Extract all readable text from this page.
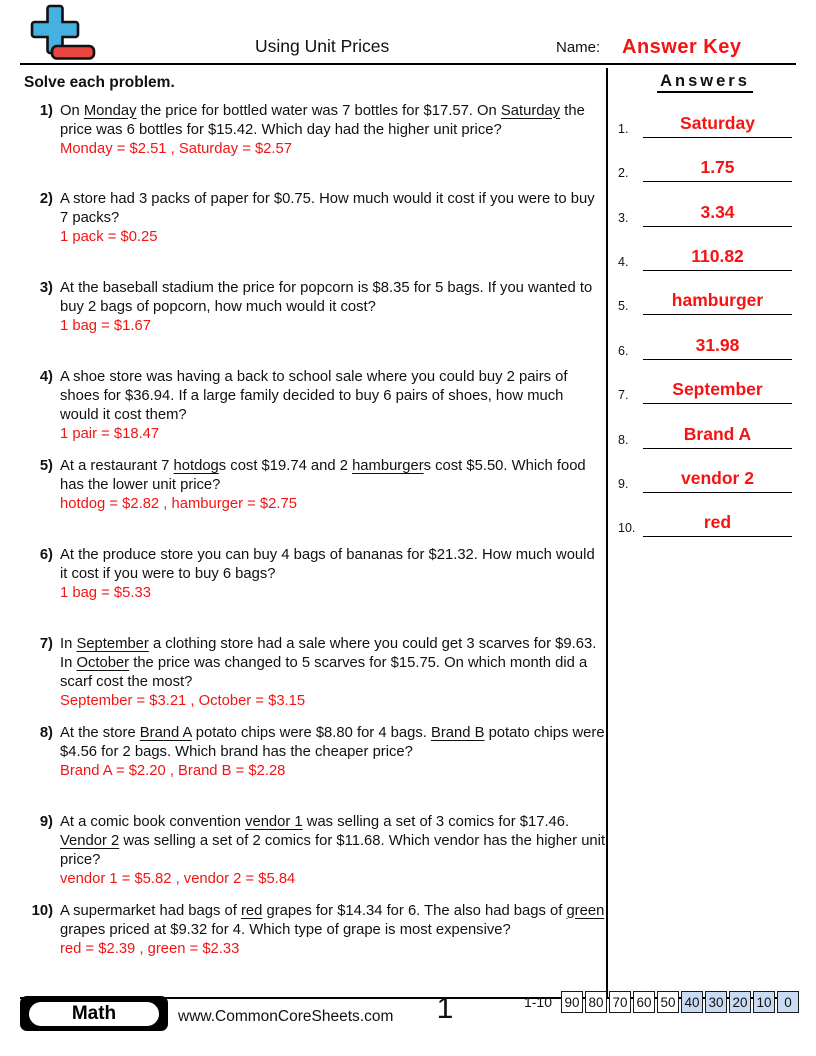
Using Unit Prices	Name: Answer Key
Solve each problem.
1) On Monday the price for bottled water was 7 bottles for $17.57. On Saturday the price was 6 bottles for $15.42. Which day had the higher unit price?
Monday = $2.51 , Saturday = $2.57
2) A store had 3 packs of paper for $0.75. How much would it cost if you were to buy 7 packs?
1 pack = $0.25
3) At the baseball stadium the price for popcorn is $8.35 for 5 bags. If you wanted to buy 2 bags of popcorn, how much would it cost?
1 bag = $1.67
4) A shoe store was having a back to school sale where you could buy 2 pairs of shoes for $36.94. If a large family decided to buy 6 pairs of shoes, how much would it cost them?
1 pair = $18.47
5) At a restaurant 7 hotdogs cost $19.74 and 2 hamburgers cost $5.50. Which food has the lower unit price?
hotdog = $2.82 , hamburger = $2.75
6) At the produce store you can buy 4 bags of bananas for $21.32. How much would it cost if you were to buy 6 bags?
1 bag = $5.33
7) In September a clothing store had a sale where you could get 3 scarves for $9.63. In October the price was changed to 5 scarves for $15.75. On which month did a scarf cost the most?
September = $3.21 , October = $3.15
8) At the store Brand A potato chips were $8.80 for 4 bags. Brand B potato chips were $4.56 for 2 bags. Which brand has the cheaper price?
Brand A = $2.20 , Brand B = $2.28
9) At a comic book convention vendor 1 was selling a set of 3 comics for $17.46. Vendor 2 was selling a set of 2 comics for $11.68. Which vendor has the higher unit price?
vendor 1 = $5.82 , vendor 2 = $5.84
10) A supermarket had bags of red grapes for $14.34 for 6. The also had bags of green grapes priced at $9.32 for 4. Which type of grape is most expensive?
red = $2.39 , green = $2.33
Answers
1.	Saturday
2.	1.75
3.	3.34
4.	110.82
5.	hamburger
6.	31.98
7.	September
8.	Brand A
9.	vendor 2
10.	red
Math	www.CommonCoreSheets.com	1	1-10 90 80 70 60 50 40 30 20 10 0
